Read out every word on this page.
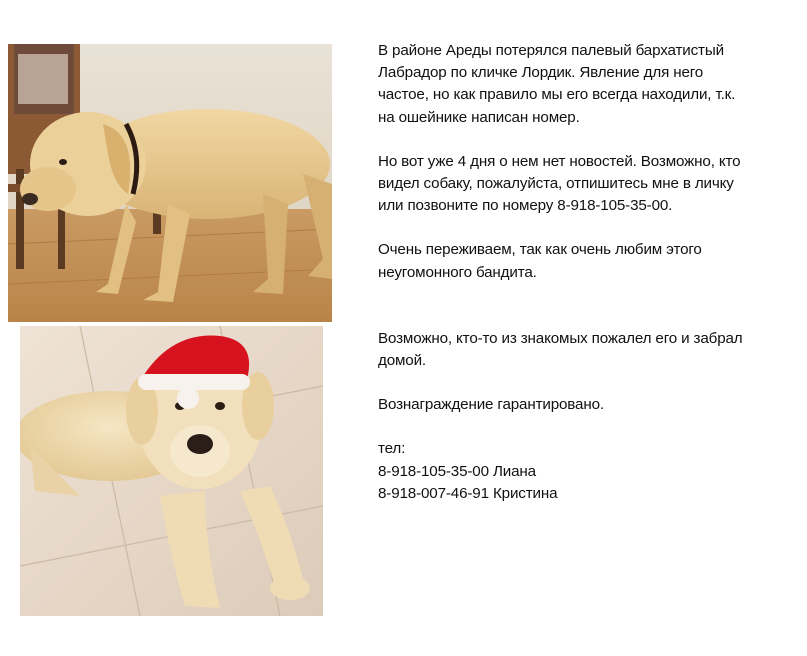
В районе Ареды потерялся палевый бархатистый
Лабрадор по кличке Лордик. Явление для него
частое, но как правило мы его всегда находили, т.к.
на ошейнике написан номер.

Но вот уже 4 дня о нем нет новостей. Возможно, кто
видел собаку, пожалуйста, отпишитесь мне в личку
или позвоните по номеру 8-918-105-35-00.

Очень переживаем, так как очень любим этого
неугомонного бандита.

Возможно, кто-то из знакомых пожалел его и забрал
домой.

Вознаграждение гарантировано.

тел:

8-918-105-35-00 Лиана

8-918-007-46-91 Кристина
